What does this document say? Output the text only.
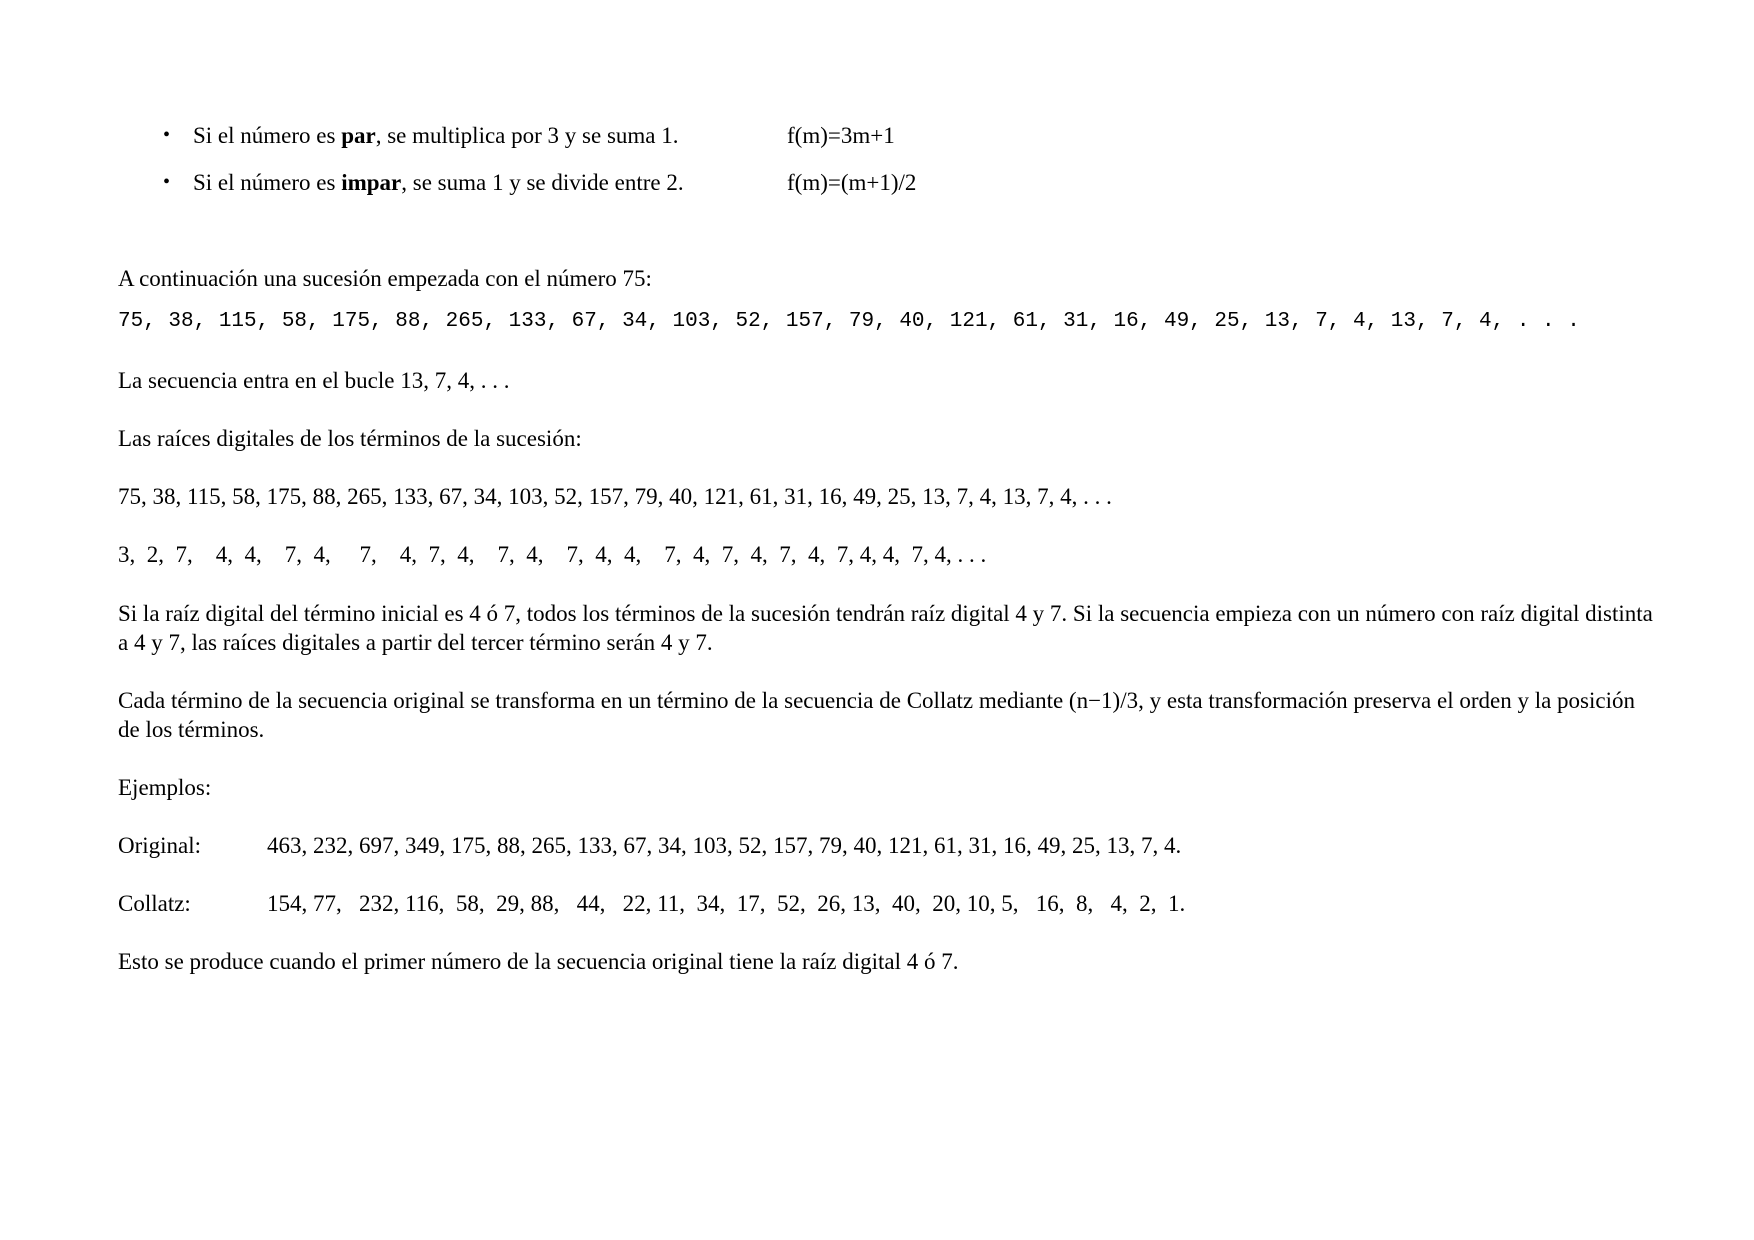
• Si el número es par, se multiplica por 3 y se suma 1.	f(m)=3m+1
• Si el número es impar, se suma 1 y se divide entre 2.	f(m)=(m+1)/2
A continuación una sucesión empezada con el número 75:
75, 38, 115, 58, 175, 88, 265, 133, 67, 34, 103, 52, 157, 79, 40, 121, 61, 31, 16, 49, 25, 13, 7, 4, 13, 7, 4, . . .
La secuencia entra en el bucle 13, 7, 4, . . .
Las raíces digitales de los términos de la sucesión:
75, 38, 115, 58, 175, 88, 265, 133, 67, 34, 103, 52, 157, 79, 40, 121, 61, 31, 16, 49, 25, 13, 7, 4, 13, 7, 4, . . .
3,  2,  7,    4,  4,    7,  4,     7,    4,  7,  4,    7,  4,    7,  4,  4,    7,  4,  7,  4,  7,  4,  7, 4, 4,  7, 4, . . .
Si la raíz digital del término inicial es 4 ó 7, todos los términos de la sucesión tendrán raíz digital 4 y 7. Si la secuencia empieza con un número con raíz digital distinta a 4 y 7, las raíces digitales a partir del tercer término serán 4 y 7.
Cada término de la secuencia original se transforma en un término de la secuencia de Collatz mediante (n−1)/3, y esta transformación preserva el orden y la posición de los términos.
Ejemplos:
Original:	463, 232, 697, 349, 175, 88, 265, 133, 67, 34, 103, 52, 157, 79, 40, 121, 61, 31, 16, 49, 25, 13, 7, 4.
Collatz:	154, 77,   232, 116,  58,  29, 88,   44,   22, 11,  34,  17,  52,  26, 13,  40,  20, 10, 5,   16,  8,   4,  2,  1.
Esto se produce cuando el primer número de la secuencia original tiene la raíz digital 4 ó 7.
